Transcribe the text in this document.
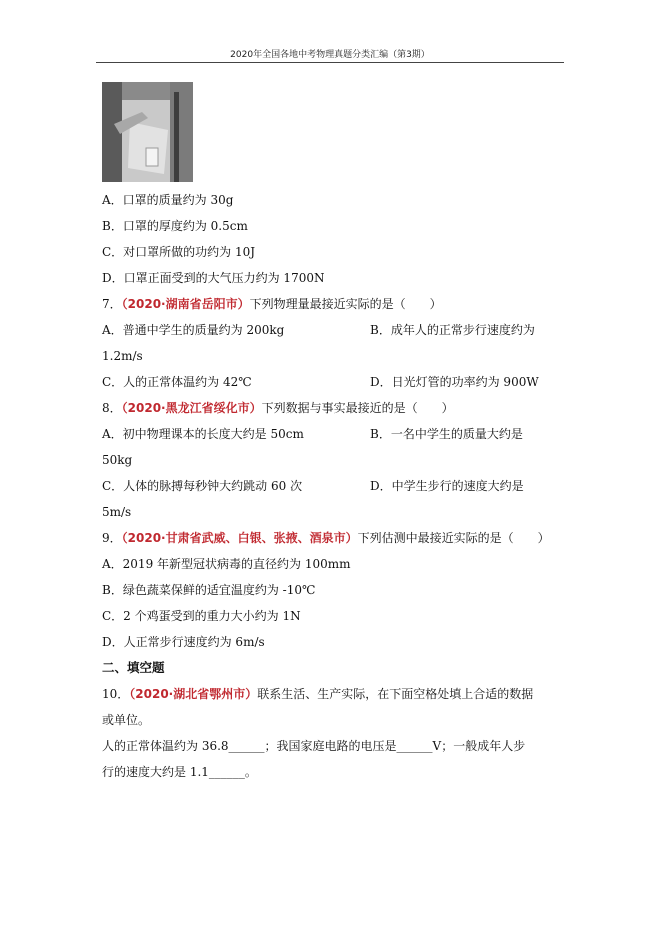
2020年全国各地中考物理真题分类汇编（第3期）
A．口罩的质量约为 30g
B．口罩的厚度约为 0.5cm
C．对口罩所做的功约为 10J
D．口罩正面受到的大气压力约为 1700N
7．（2020·湖南省岳阳市）下列物理量最接近实际的是（　　）
A．普通中学生的质量约为 200kg	B．成年人的正常步行速度约为
1.2m/s
C．人的正常体温约为 42℃	D．日光灯管的功率约为 900W
8．（2020·黑龙江省绥化市）下列数据与事实最接近的是（　　）
A．初中物理课本的长度大约是 50cm	B．一名中学生的质量大约是
50kg
C．人体的脉搏每秒钟大约跳动 60 次	D．中学生步行的速度大约是
5m/s
9．（2020·甘肃省武威、白银、张掖、酒泉市）下列估测中最接近实际的是（　　）
A．2019 年新型冠状病毒的直径约为 100mm
B．绿色蔬菜保鲜的适宜温度约为 -10℃
C．2 个鸡蛋受到的重力大小约为 1N
D．人正常步行速度约为 6m/s
二、填空题
10．（2020·湖北省鄂州市）联系生活、生产实际，在下面空格处填上合适的数据
或单位。
人的正常体温约为 36.8______；我国家庭电路的电压是______V；一般成年人步
行的速度大约是 1.1______。
